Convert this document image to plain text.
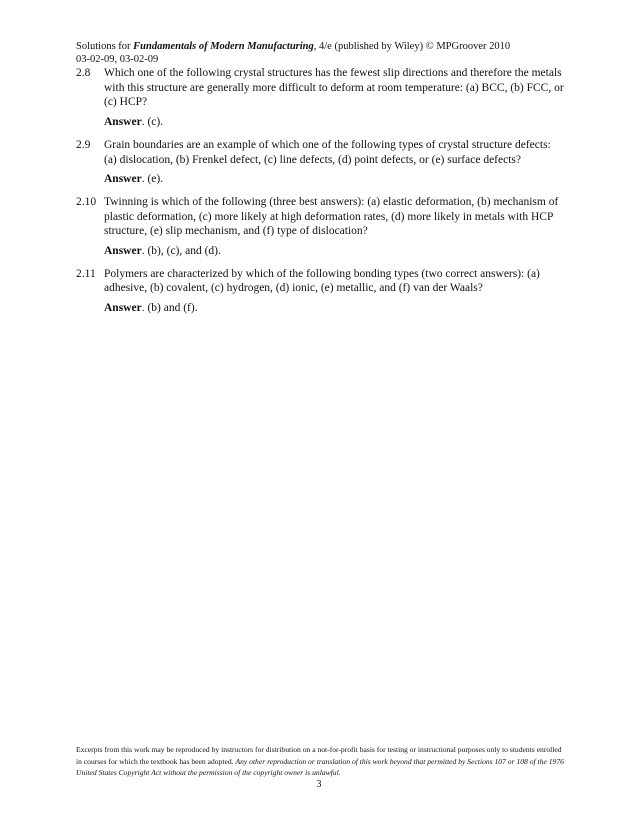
Solutions for Fundamentals of Modern Manufacturing, 4/e (published by Wiley) © MPGroover 2010
03-02-09, 03-02-09
2.8	Which one of the following crystal structures has the fewest slip directions and therefore the metals with this structure are generally more difficult to deform at room temperature: (a) BCC, (b) FCC, or (c) HCP?
Answer. (c).
2.9	Grain boundaries are an example of which one of the following types of crystal structure defects: (a) dislocation, (b) Frenkel defect, (c) line defects, (d) point defects, or (e) surface defects?
Answer. (e).
2.10 Twinning is which of the following (three best answers): (a) elastic deformation, (b) mechanism of plastic deformation, (c) more likely at high deformation rates, (d) more likely in metals with HCP structure, (e) slip mechanism, and (f) type of dislocation?
Answer. (b), (c), and (d).
2.11 Polymers are characterized by which of the following bonding types (two correct answers): (a) adhesive, (b) covalent, (c) hydrogen, (d) ionic, (e) metallic, and (f) van der Waals?
Answer. (b) and (f).
Excerpts from this work may be reproduced by instructors for distribution on a not-for-profit basis for testing or instructional purposes only to students enrolled in courses for which the textbook has been adopted. Any other reproduction or translation of this work beyond that permitted by Sections 107 or 108 of the 1976 United States Copyright Act without the permission of the copyright owner is unlawful.
3
